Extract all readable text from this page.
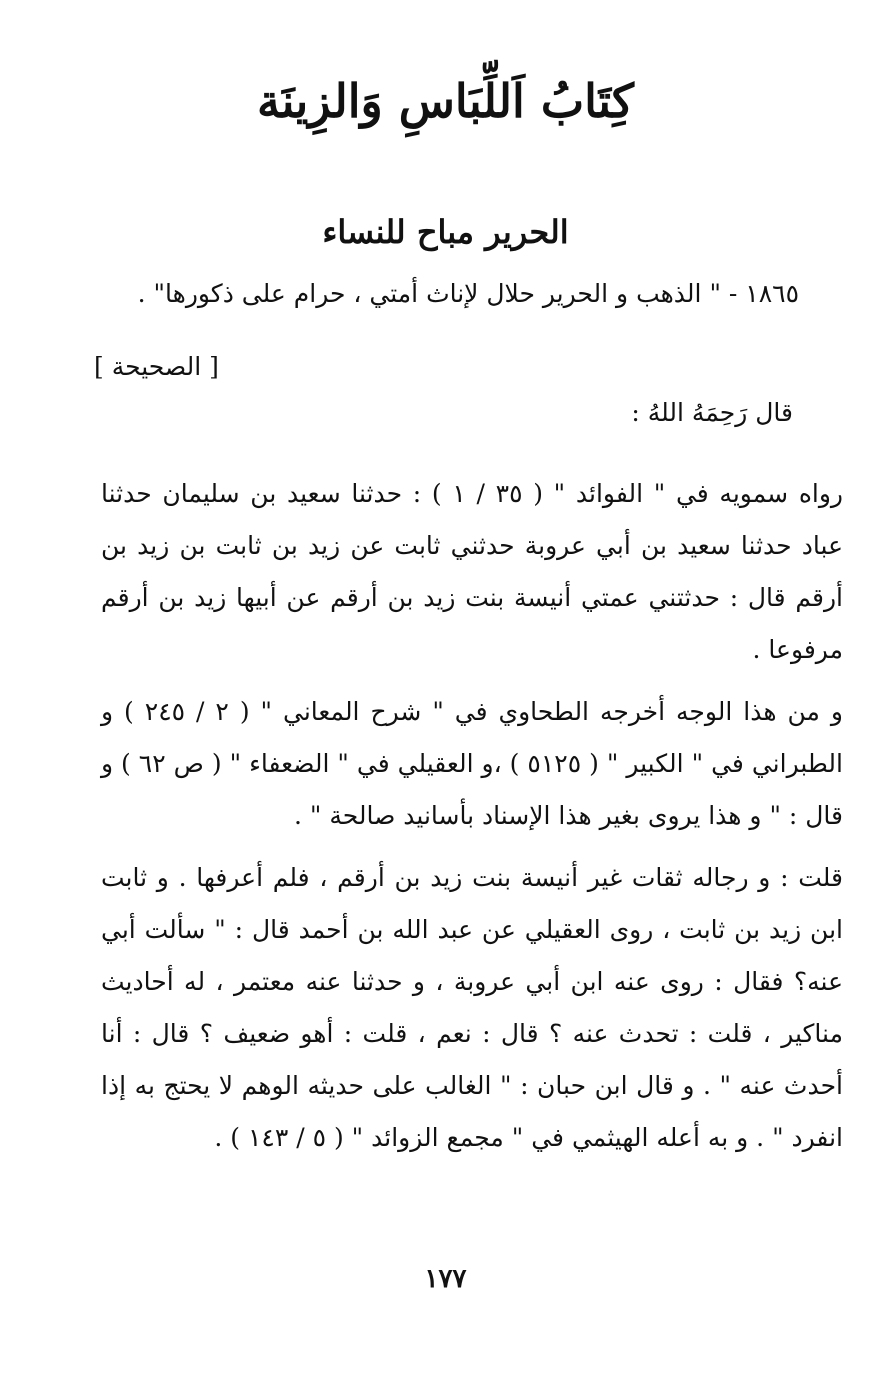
كِتَابُ اَللِّبَاسِ وَالزِينَة
الحرير مباح للنساء
١٨٦٥ - " الذهب و الحرير حلال لإناث أمتي ، حرام على ذكورها" .
[ الصحيحة ]
قال رَحِمَهُ اللهُ :
رواه سمويه في " الفوائد " ( ٣٥ / ١ ) : حدثنا سعيد بن سليمان حدثنا عباد حدثنا سعيد بن أبي عروبة حدثني ثابت عن زيد بن ثابت بن زيد بن أرقم قال : حدثتني عمتي أنيسة بنت زيد بن أرقم عن أبيها زيد بن أرقم مرفوعا .
و من هذا الوجه أخرجه الطحاوي في " شرح المعاني " ( ٢ / ٢٤٥ ) و الطبراني في " الكبير " ( ٥١٢٥ ) ،و العقيلي في " الضعفاء " ( ص ٦٢ ) و قال : " و هذا يروى بغير هذا الإسناد بأسانيد صالحة " .
قلت : و رجاله ثقات غير أنيسة بنت زيد بن أرقم ، فلم أعرفها . و ثابت ابن زيد بن ثابت ، روى العقيلي عن عبد الله بن أحمد قال : " سألت أبي عنه؟ فقال : روى عنه ابن أبي عروبة ، و حدثنا عنه معتمر ، له أحاديث مناكير ، قلت : تحدث عنه ؟ قال : نعم ، قلت : أهو ضعيف ؟ قال : أنا أحدث عنه " . و قال ابن حبان : " الغالب على حديثه الوهم لا يحتج به إذا انفرد " . و به أعله الهيثمي في " مجمع الزوائد " ( ٥ / ١٤٣ ) .
١٧٧
